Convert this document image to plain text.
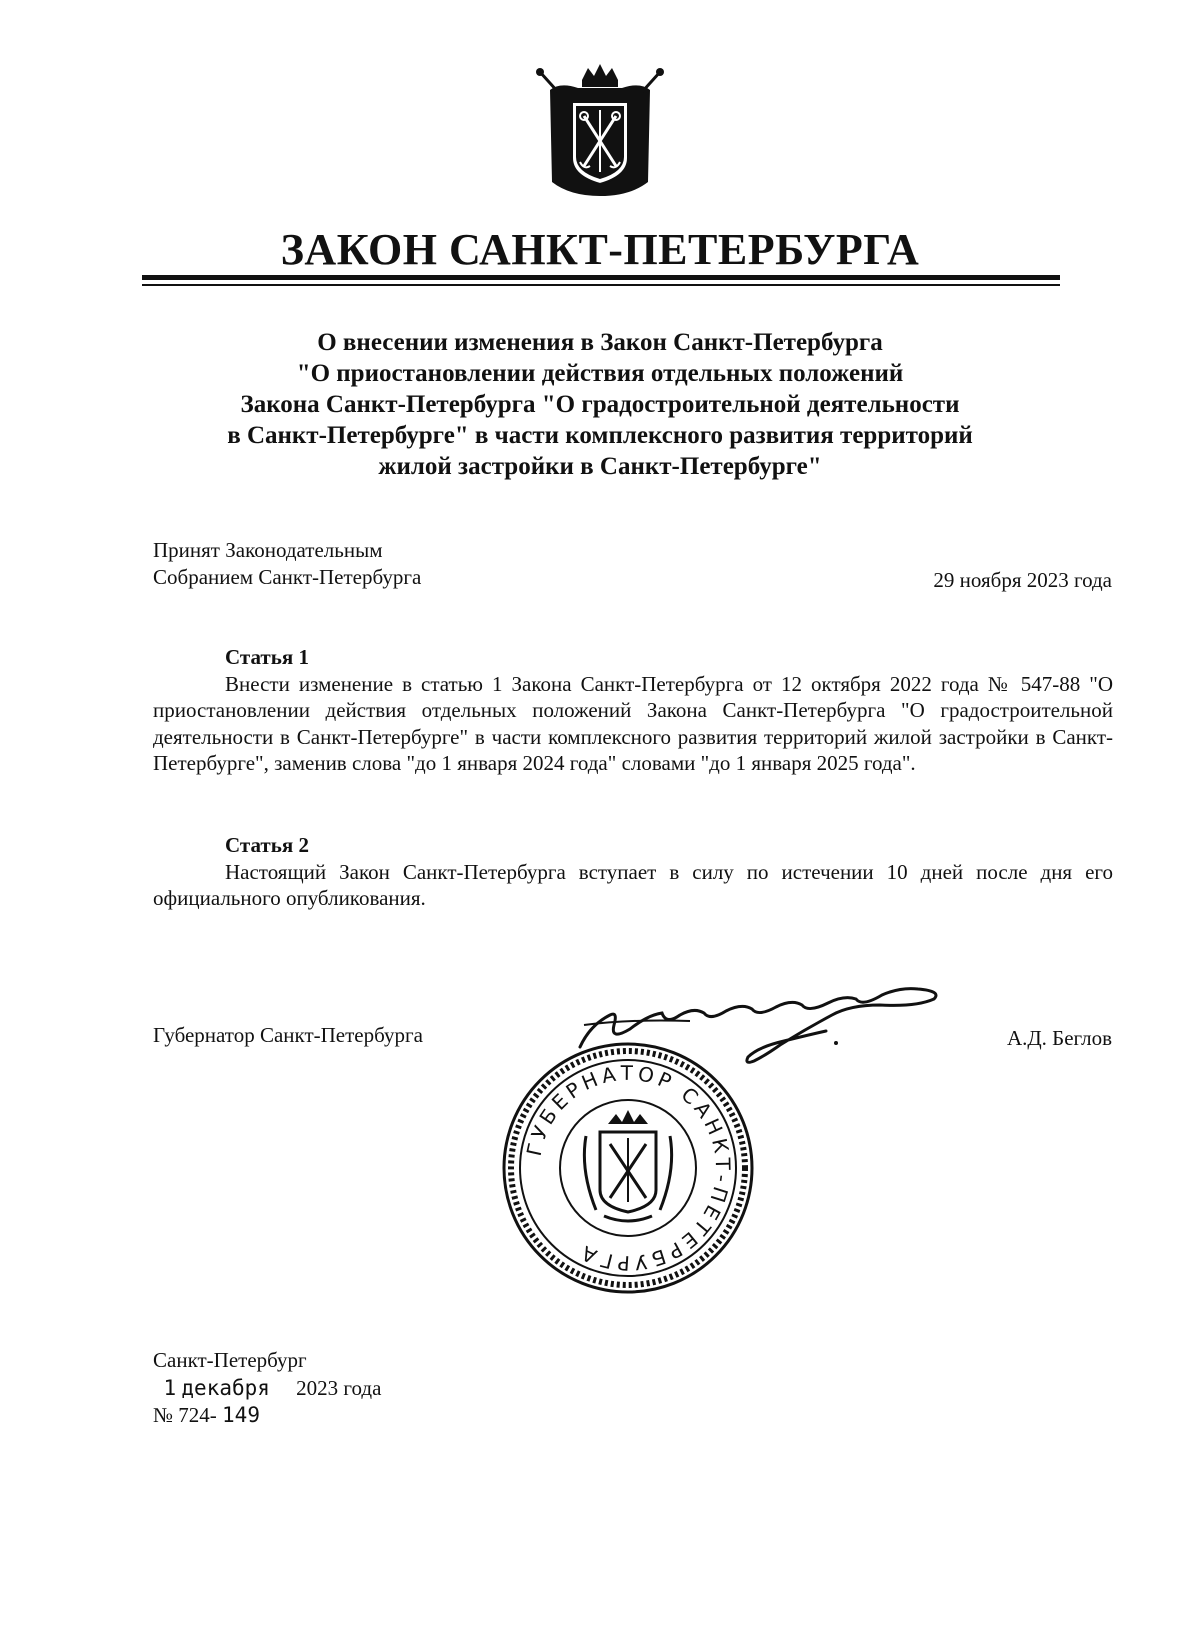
ЗАКОН САНКТ-ПЕТЕРБУРГА
О внесении изменения в Закон Санкт-Петербурга
"О приостановлении действия отдельных положений
Закона Санкт-Петербурга "О градостроительной деятельности
в Санкт-Петербурге" в части комплексного развития территорий
жилой застройки в Санкт-Петербурге"
Принят Законодательным
Собранием Санкт-Петербурга	29 ноября 2023 года
Статья 1

Внести изменение в статью 1 Закона Санкт-Петербурга от 12 октября 2022 года № 547-88 "О приостановлении действия отдельных положений Закона Санкт-Петербурга "О градостроительной деятельности в Санкт-Петербурге" в части комплексного развития территорий жилой застройки в Санкт-Петербурге", заменив слова "до 1 января 2024 года" словами "до 1 января 2025 года".

Статья 2

Настоящий Закон Санкт-Петербурга вступает в силу по истечении 10 дней после дня его официального опубликования.

Губернатор Санкт-Петербурга	А.Д. Беглов
ГУБЕРНАТОР САНКТ-ПЕТЕРБУРГА
Санкт-Петербург
1 декабря 2023 года
№ 724- 149
